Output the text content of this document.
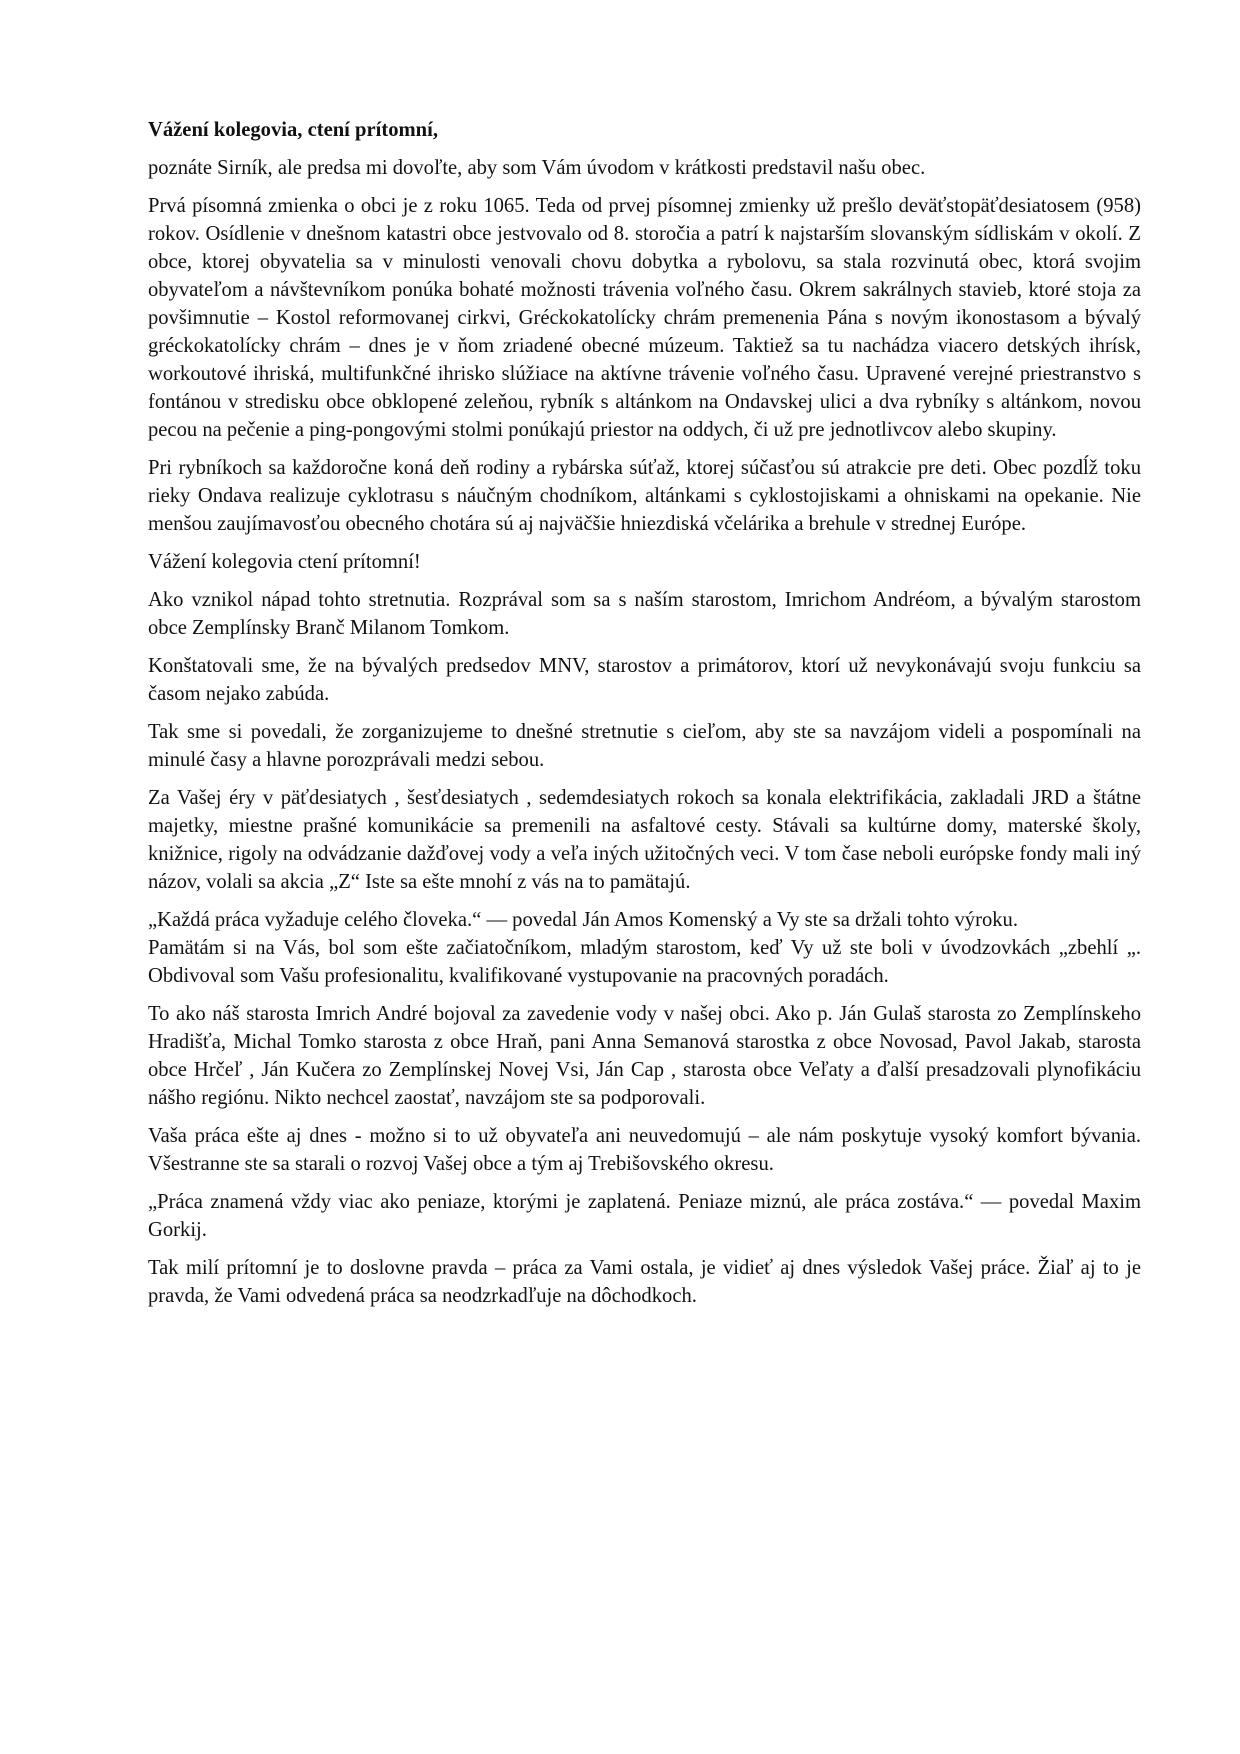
Vážení kolegovia, ctení prítomní,

poznáte Sirník, ale predsa mi dovoľte, aby som Vám úvodom v krátkosti predstavil našu obec.

Prvá písomná zmienka o obci je z roku 1065. Teda od prvej písomnej zmienky už prešlo deväťstopäťdesiatosem (958) rokov. Osídlenie v dnešnom katastri obce jestvovalo od 8. storočia a patrí k najstarším slovanským sídliskám v okolí. Z obce, ktorej obyvatelia sa v minulosti venovali chovu dobytka a rybolovu, sa stala rozvinutá obec, ktorá svojim obyvateľom a návštevníkom ponúka bohaté možnosti trávenia voľného času. Okrem sakrálnych stavieb, ktoré stoja za povšimnutie – Kostol reformovanej cirkvi, Gréckokatolícky chrám premenenia Pána s novým ikonostasom a bývalý gréckokatolícky chrám – dnes je v ňom zriadené obecné múzeum. Taktiež sa tu nachádza viacero detských ihrísk, workoutové ihriská, multifunkčné ihrisko slúžiace na aktívne trávenie voľného času. Upravené verejné priestranstvo s fontánou v stredisku obce obklopené zeleňou, rybník s altánkom na Ondavskej ulici a dva rybníky s altánkom, novou pecou na pečenie a ping-pongovými stolmi ponúkajú priestor na oddych, či už pre jednotlivcov alebo skupiny.

Pri rybníkoch sa každoročne koná deň rodiny a rybárska súťaž, ktorej súčasťou sú atrakcie pre deti. Obec pozdĺž toku rieky Ondava realizuje cyklotrasu s náučným chodníkom, altánkami s cyklostojiskami a ohniskami na opekanie. Nie menšou zaujímavosťou obecného chotára sú aj najväčšie hniezdiská včelárika a brehule v strednej Európe.

Vážení kolegovia ctení prítomní!

Ako vznikol nápad tohto stretnutia. Rozprával som sa s naším starostom, Imrichom Andréom, a bývalým starostom obce Zemplínsky Branč Milanom Tomkom.

Konštatovali sme, že na bývalých predsedov MNV, starostov a primátorov, ktorí už nevykonávajú svoju funkciu sa časom nejako zabúda.

Tak sme si povedali, že zorganizujeme to dnešné stretnutie s cieľom, aby ste sa navzájom videli a pospomínali na minulé časy a hlavne porozprávali medzi sebou.

Za Vašej éry v päťdesiatych , šesťdesiatych , sedemdesiatych rokoch sa konala elektrifikácia, zakladali JRD a štátne majetky, miestne prašné komunikácie sa premenili na asfaltové cesty. Stávali sa kultúrne domy, materské školy, knižnice, rigoly na odvádzanie dažďovej vody a veľa iných užitočných veci. V tom čase neboli európske fondy mali iný názov, volali sa akcia „Z“ Iste sa ešte mnohí z vás na to pamätajú.

„Každá práca vyžaduje celého človeka.“ — povedal Ján Amos Komenský a Vy ste sa držali tohto výroku.

Pamätám si na Vás, bol som ešte začiatočníkom, mladým starostom, keď Vy už ste boli v úvodzovkách „zbehlí „. Obdivoval som Vašu profesionalitu, kvalifikované vystupovanie na pracovných poradách.

To ako náš starosta Imrich André bojoval za zavedenie vody v našej obci. Ako p. Ján Gulaš starosta zo Zemplínskeho Hradišťa, Michal Tomko starosta z obce Hraň, pani Anna Semanová starostka z obce Novosad, Pavol Jakab, starosta obce Hrčeľ , Ján Kučera zo Zemplínskej Novej Vsi, Ján Cap , starosta obce Veľaty a ďalší presadzovali plynofikáciu nášho regiónu. Nikto nechcel zaostať, navzájom ste sa podporovali.

Vaša práca ešte aj dnes - možno si to už obyvateľa ani neuvedomujú – ale nám poskytuje vysoký komfort bývania. Všestranne ste sa starali o rozvoj Vašej obce a tým aj Trebišovského okresu.

„Práca znamená vždy viac ako peniaze, ktorými je zaplatená. Peniaze miznú, ale práca zostáva.“ — povedal Maxim Gorkij.

Tak milí prítomní je to doslovne pravda – práca za Vami ostala, je vidieť aj dnes výsledok Vašej práce. Žiaľ aj to je pravda, že Vami odvedená práca sa neodzrkadľuje na dôchodkoch.
